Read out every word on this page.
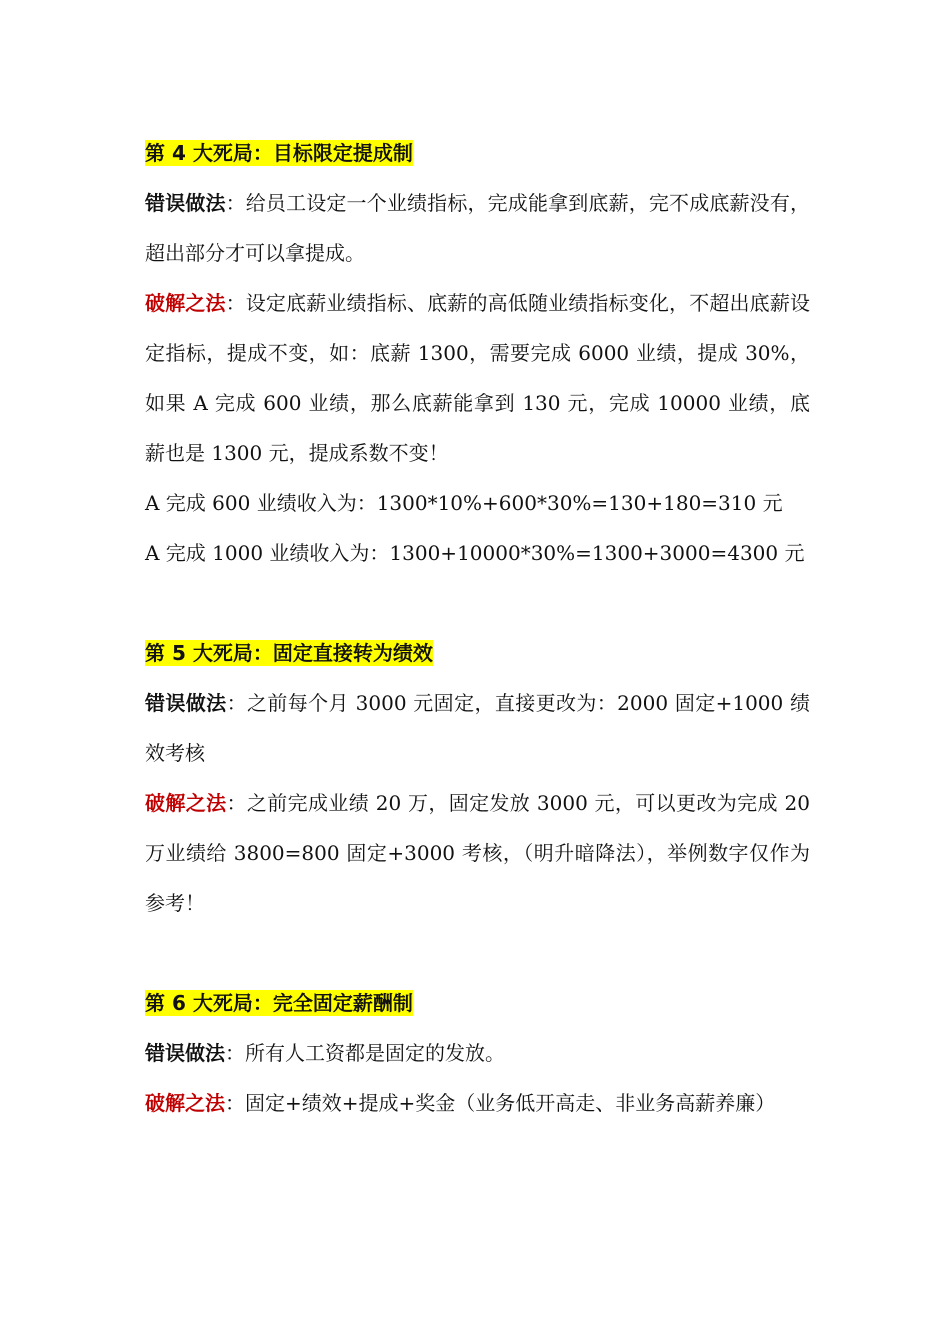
第 4 大死局：目标限定提成制

错误做法：给员工设定一个业绩指标，完成能拿到底薪，完不成底薪没有，超出部分才可以拿提成。

破解之法：设定底薪业绩指标、底薪的高低随业绩指标变化，不超出底薪设定指标，提成不变，如：底薪 1300，需要完成 6000 业绩，提成 30%，如果 A 完成 600 业绩，那么底薪能拿到 130 元，完成 10000 业绩，底薪也是 1300 元，提成系数不变！

A 完成 600 业绩收入为：1300*10%+600*30%=130+180=310 元

A 完成 1000 业绩收入为：1300+10000*30%=1300+3000=4300 元

第 5 大死局：固定直接转为绩效

错误做法：之前每个月 3000 元固定，直接更改为：2000 固定+1000 绩效考核

破解之法：之前完成业绩 20 万，固定发放 3000 元，可以更改为完成 20 万业绩给 3800=800 固定+3000 考核，（明升暗降法），举例数字仅作为参考！

第 6 大死局：完全固定薪酬制

错误做法：所有人工资都是固定的发放。

破解之法：固定+绩效+提成+奖金（业务低开高走、非业务高薪养廉）
